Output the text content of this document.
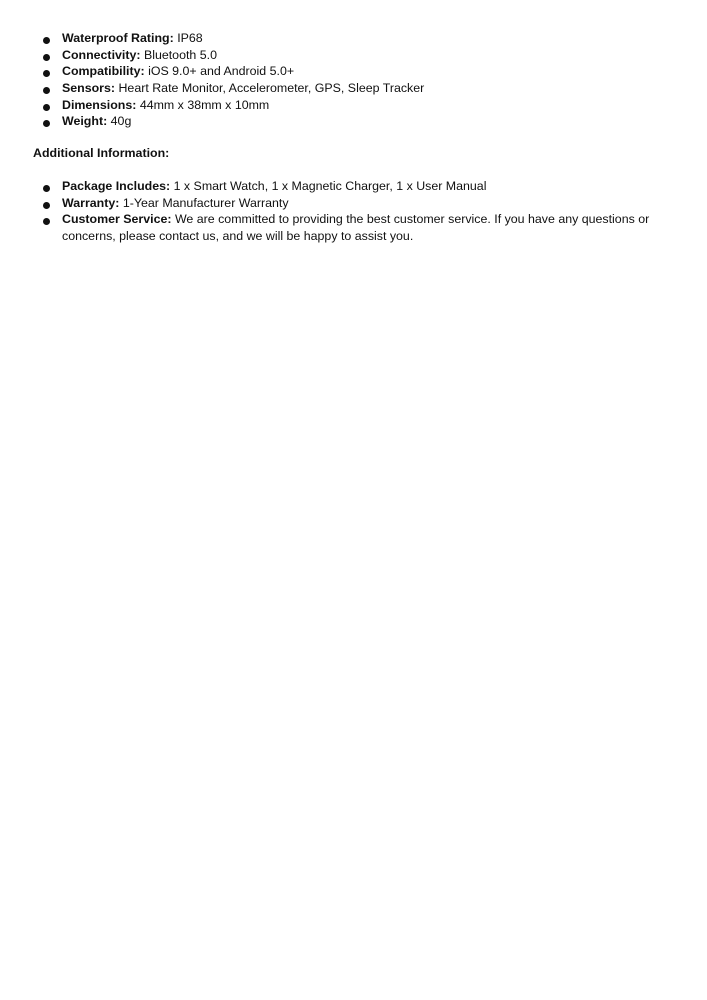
Waterproof Rating: IP68
Connectivity: Bluetooth 5.0
Compatibility: iOS 9.0+ and Android 5.0+
Sensors: Heart Rate Monitor, Accelerometer, GPS, Sleep Tracker
Dimensions: 44mm x 38mm x 10mm
Weight: 40g
Additional Information:
Package Includes: 1 x Smart Watch, 1 x Magnetic Charger, 1 x User Manual
Warranty: 1-Year Manufacturer Warranty
Customer Service: We are committed to providing the best customer service. If you have any questions or concerns, please contact us, and we will be happy to assist you.
